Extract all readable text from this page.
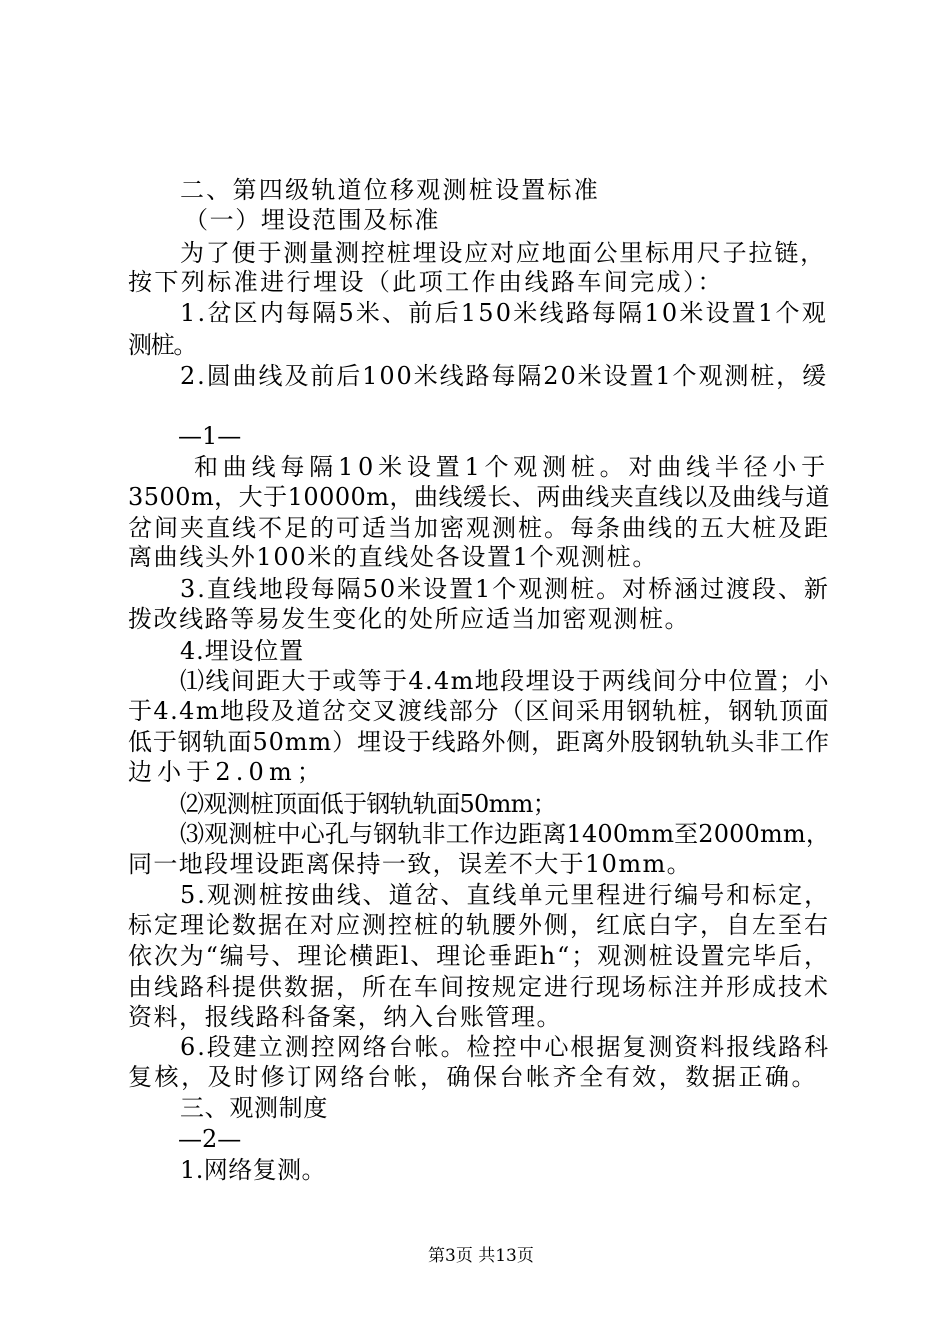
二、第四级轨道位移观测桩设置标准
（一）埋设范围及标准
为了便于测量测控桩埋设应对应地面公里标用尺子拉链，
按下列标准进行埋设（此项工作由线路车间完成）：
1.岔区内每隔5米、前后150米线路每隔10米设置1个观
测桩。
2.圆曲线及前后100米线路每隔20米设置1个观测桩，缓
—1—
和曲线每隔10米设置1个观测桩。对曲线半径小于
3500m，大于10000m，曲线缓长、两曲线夹直线以及曲线与道
岔间夹直线不足的可适当加密观测桩。每条曲线的五大桩及距
离曲线头外100米的直线处各设置1个观测桩。
3.直线地段每隔50米设置1个观测桩。对桥涵过渡段、新
拨改线路等易发生变化的处所应适当加密观测桩。
4.埋设位置
⑴线间距大于或等于4.4m地段埋设于两线间分中位置；小
于4.4m地段及道岔交叉渡线部分（区间采用钢轨桩，钢轨顶面
低于钢轨面50mm）埋设于线路外侧，距离外股钢轨轨头非工作
边小于2.0m；
⑵观测桩顶面低于钢轨轨面50mm；
⑶观测桩中心孔与钢轨非工作边距离1400mm至2000mm，
同一地段埋设距离保持一致，误差不大于10mm。
5.观测桩按曲线、道岔、直线单元里程进行编号和标定，
标定理论数据在对应测控桩的轨腰外侧，红底白字，自左至右
依次为“编号、理论横距l、理论垂距h“；观测桩设置完毕后，
由线路科提供数据，所在车间按规定进行现场标注并形成技术
资料，报线路科备案，纳入台账管理。
6.段建立测控网络台帐。检控中心根据复测资料报线路科
复核，及时修订网络台帐，确保台帐齐全有效，数据正确。
三、观测制度
—2—
1.网络复测。
第3页 共13页
